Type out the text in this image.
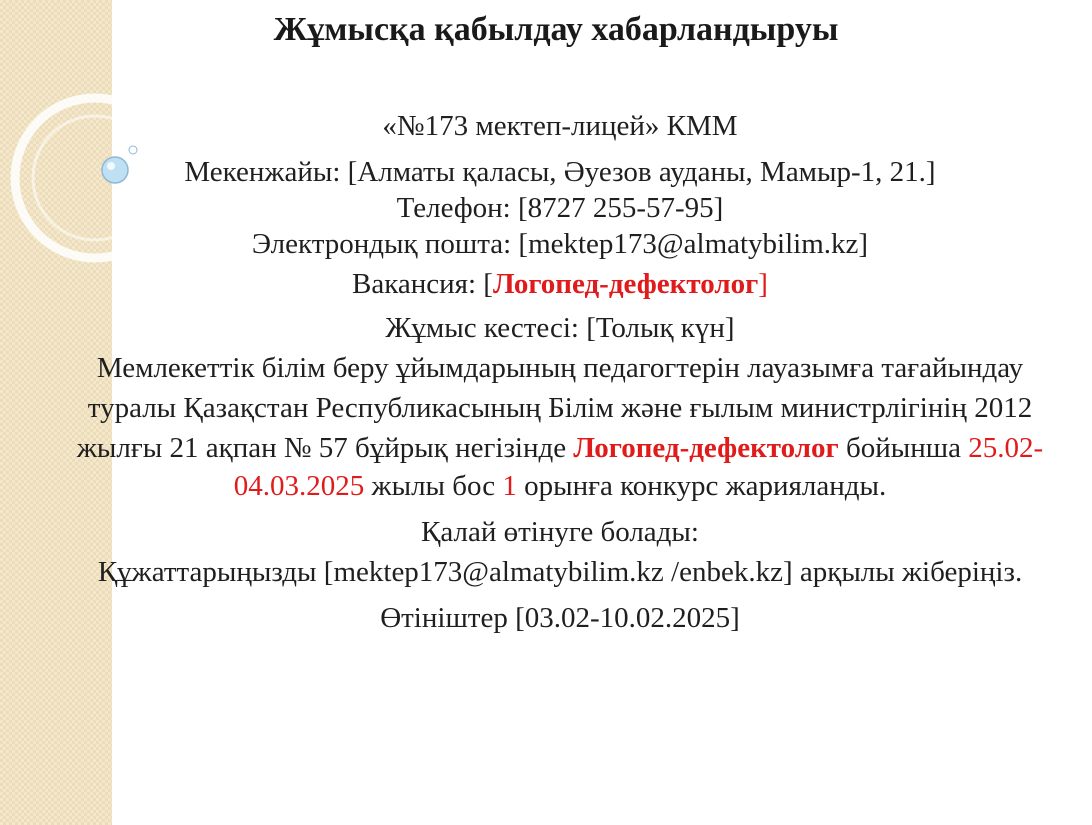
Жұмысқа қабылдау хабарландыруы
«№173 мектеп-лицей» КММ
Мекенжайы: [Алматы қаласы, Әуезов ауданы, Мамыр-1, 21.]
Телефон: [8727 255-57-95]
Электрондық пошта: [mektep173@almatybilim.kz]
Вакансия: [Логопед-дефектолог]
Жұмыс кестесі: [Толық күн]
Мемлекеттік білім беру ұйымдарының педагогтерін лауазымға тағайындау
туралы Қазақстан Республикасының Білім және ғылым министрлігінің 2012
жылғы 21 ақпан № 57 бұйрық негізінде Логопед-дефектолог бойынша 25.02-
04.03.2025 жылы бос 1 орынға конкурс жарияланды.
Қалай өтінуге болады:
Құжаттарыңызды [mektep173@almatybilim.kz /enbek.kz] арқылы жіберіңіз.
Өтініштер [03.02-10.02.2025]
